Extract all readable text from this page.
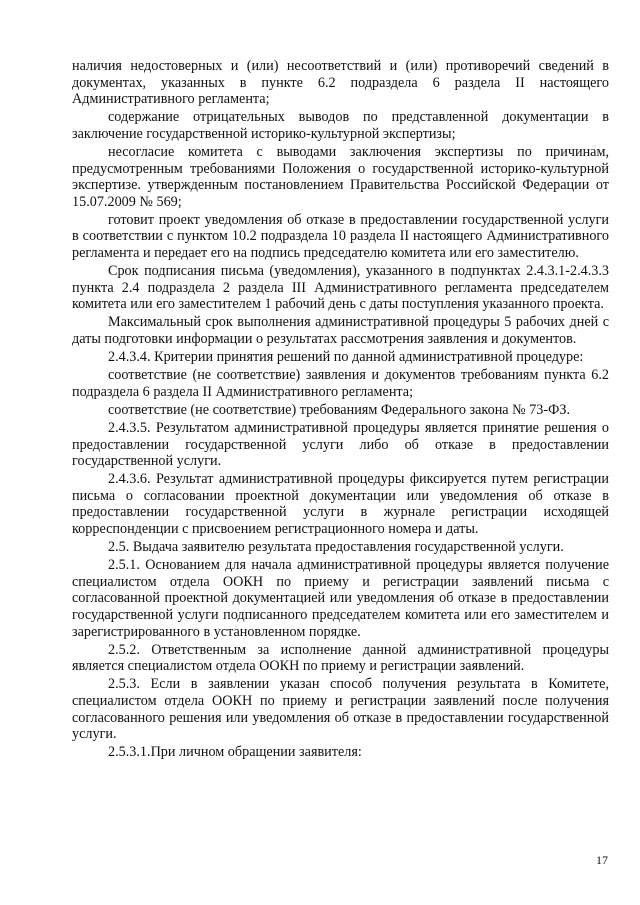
наличия недостоверных и (или) несоответствий и (или) противоречий сведений в документах, указанных в пункте 6.2 подраздела 6 раздела II настоящего Административного регламента;

содержание отрицательных выводов по представленной документации в заключение государственной историко-культурной экспертизы;

несогласие комитета с выводами заключения экспертизы по причинам, предусмотренным требованиями Положения о государственной историко-культурной экспертизе. утвержденным постановлением Правительства Российской Федерации от 15.07.2009 № 569;

готовит проект уведомления об отказе в предоставлении государственной услуги в соответствии с пунктом 10.2 подраздела 10 раздела II настоящего Административного регламента и передает его на подпись председателю комитета или его заместителю.

Срок подписания письма (уведомления), указанного в подпунктах 2.4.3.1-2.4.3.3 пункта 2.4 подраздела 2 раздела III Административного регламента председателем комитета или его заместителем 1 рабочий день с даты поступления указанного проекта.

Максимальный срок выполнения административной процедуры 5 рабочих дней с даты подготовки информации о результатах рассмотрения заявления и документов.

2.4.3.4. Критерии принятия решений по данной административной процедуре:

соответствие (не соответствие) заявления и документов требованиям пункта 6.2 подраздела 6 раздела II Административного регламента;

соответствие (не соответствие) требованиям Федерального закона № 73-ФЗ.

2.4.3.5. Результатом административной процедуры является принятие решения о предоставлении государственной услуги либо об отказе в предоставлении государственной услуги.

2.4.3.6. Результат административной процедуры фиксируется путем регистрации письма о согласовании проектной документации или уведомления об отказе в предоставлении государственной услуги в журнале регистрации исходящей корреспонденции с присвоением регистрационного номера и даты.

2.5. Выдача заявителю результата предоставления государственной услуги.

2.5.1. Основанием для начала административной процедуры является получение специалистом отдела ООКН по приему и регистрации заявлений письма с согласованной проектной документацией или уведомления об отказе в предоставлении государственной услуги подписанного председателем комитета или его заместителем и зарегистрированного в установленном порядке.

2.5.2. Ответственным за исполнение данной административной процедуры является специалистом отдела ООКН по приему и регистрации заявлений.

2.5.3. Если в заявлении указан способ получения результата в Комитете, специалистом отдела ООКН по приему и регистрации заявлений после получения согласованного решения или уведомления об отказе в предоставлении государственной услуги.

2.5.3.1.При личном обращении заявителя:

17
